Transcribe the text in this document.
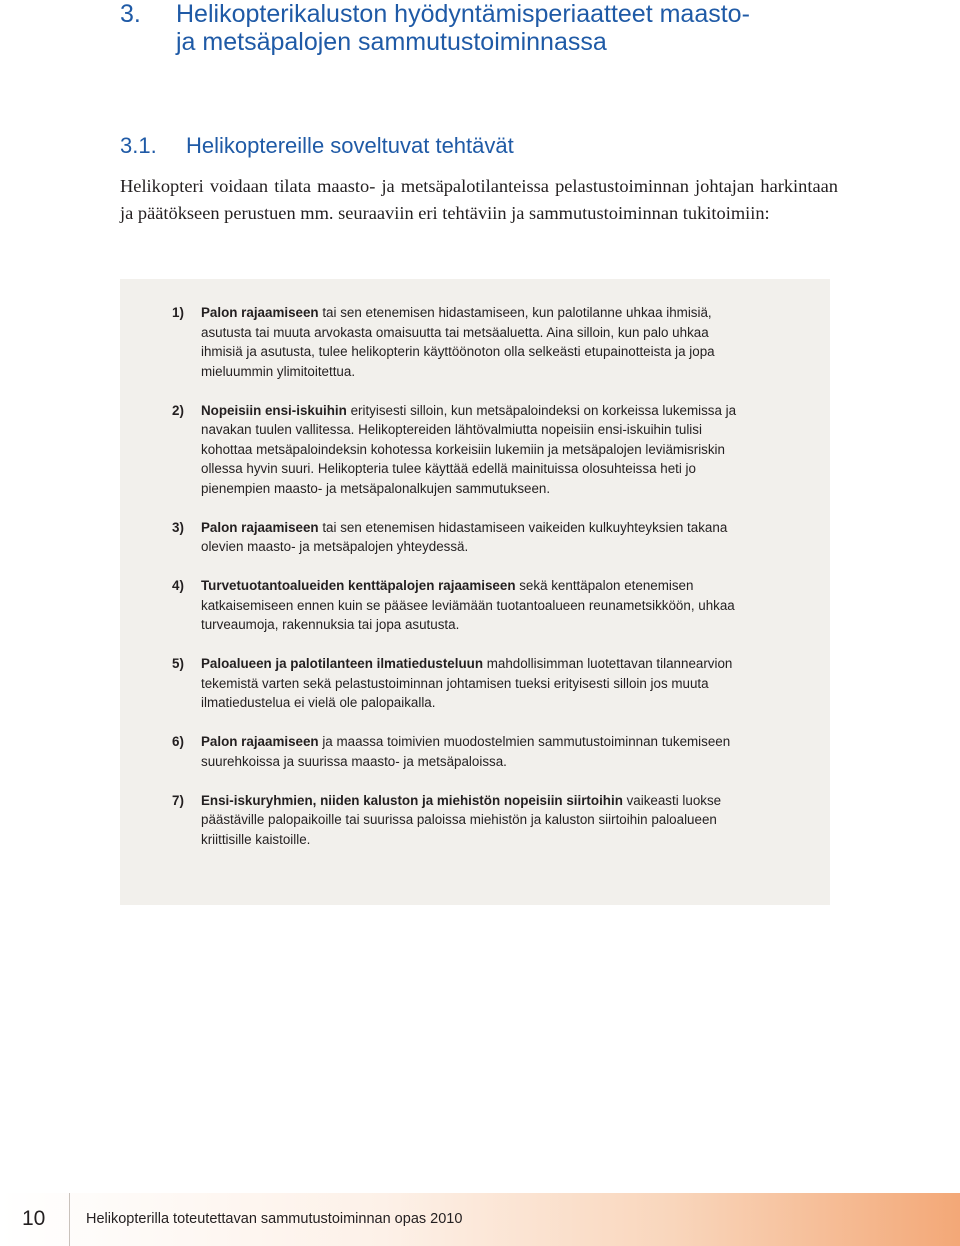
3. Helikopterikaluston hyödyntämisperiaatteet maasto-
ja metsäpalojen sammutustoiminnassa
3.1. Helikoptereille soveltuvat tehtävät

Helikopteri voidaan tilata maasto- ja metsäpalotilanteissa pelastustoiminnan johtajan harkintaan ja päätökseen perustuen mm. seuraaviin eri tehtäviin ja sammutustoiminnan tukitoimiin:

1) Palon rajaamiseen tai sen etenemisen hidastamiseen, kun palotilanne uhkaa ihmisiä, asutusta tai muuta arvokasta omaisuutta tai metsäaluetta. Aina silloin, kun palo uhkaa ihmisiä ja asutusta, tulee helikopterin käyttöönoton olla selkeästi etupainotteista ja jopa mieluummin ylimitoitettua.
2) Nopeisiin ensi-iskuihin erityisesti silloin, kun metsäpaloindeksi on korkeissa lukemissa ja navakan tuulen vallitessa. Helikoptereiden lähtövalmiutta nopeisiin ensi-iskuihin tulisi kohottaa metsäpaloindeksin kohotessa korkeisiin lukemiin ja metsäpalojen leviämisriskin ollessa hyvin suuri. Helikopteria tulee käyttää edellä mainituissa olosuhteissa heti jo pienempien maasto- ja metsäpalonalkujen sammutukseen.
3) Palon rajaamiseen tai sen etenemisen hidastamiseen vaikeiden kulkuyhteyksien takana olevien maasto- ja metsäpalojen yhteydessä.
4) Turvetuotantoalueiden kenttäpalojen rajaamiseen sekä kenttäpalon etenemisen katkaisemiseen ennen kuin se pääsee leviämään tuotantoalueen reunametsikköön, uhkaa turveaumoja, rakennuksia tai jopa asutusta.
5) Paloalueen ja palotilanteen ilmatiedusteluun mahdollisimman luotettavan tilannearvion tekemistä varten sekä pelastustoiminnan johtamisen tueksi erityisesti silloin jos muuta ilmatiedustelua ei vielä ole palopaikalla.
6) Palon rajaamiseen ja maassa toimivien muodostelmien sammutustoiminnan tukemiseen suurehkoissa ja suurissa maasto- ja metsäpaloissa.
7) Ensi-iskuryhmien, niiden kaluston ja miehistön nopeisiin siirtoihin vaikeasti luokse päästäville palopaikoille tai suurissa paloissa miehistön ja kaluston siirtoihin paloalueen kriittisille kaistoille.
10	Helikopterilla toteutettavan sammutustoiminnan opas 2010
